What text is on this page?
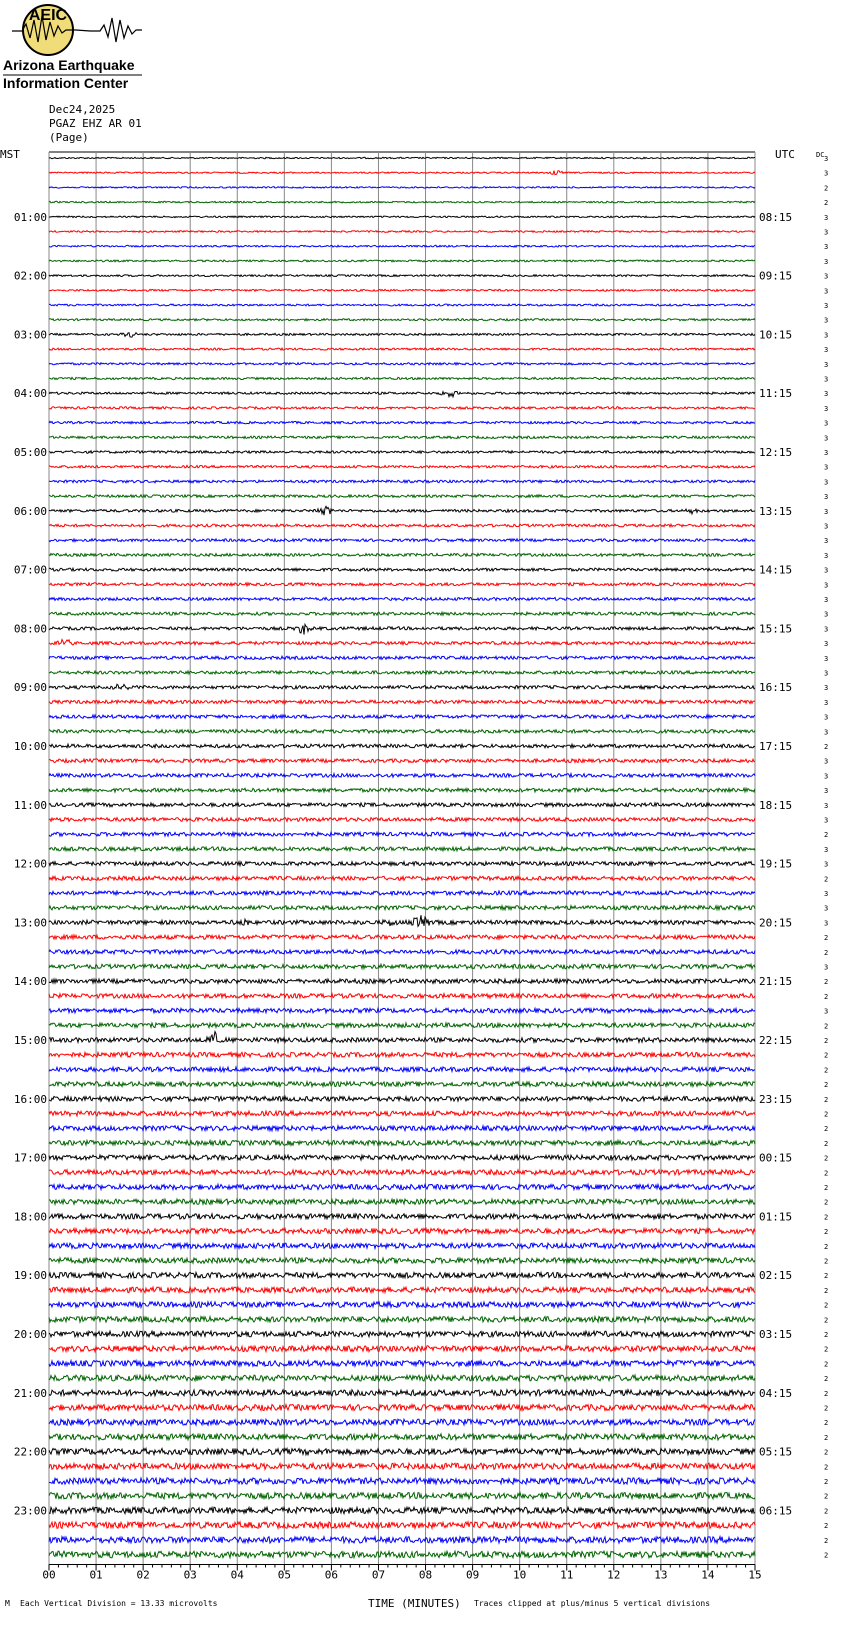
AEIC
Arizona Earthquake
Information Center
Dec24,2025
PGAZ EHZ AR 01
(Page)
MST	UTC	DC
00	01	02	03	04	05	06	07	08	09	10	11	12	13	14	15
3
3
2
2
3
3
3
3
3
3
3
3
3
3
3
3
3
3
3
3
3
3
3
3
3
3
3
3
3
3
3
3
3
3
3
3
3
3
3
3
2
3
3
3
3
3
2
3
3
2
3
3
3
2
2
3
2
2
3
2
2
2
2
2
2
2
2
2
2
2
2
2
2
2
2
2
2
2
2
2
2
2
2
2
2
2
2
2
2
2
2
2
2
2
2
2
01:00	08:15
02:00	09:15
03:00	10:15
04:00	11:15
05:00	12:15
06:00	13:15
07:00	14:15
08:00	15:15
09:00	16:15
10:00	17:15
11:00	18:15
12:00	19:15
13:00	20:15
14:00	21:15
15:00	22:15
16:00	23:15
17:00	00:15
18:00	01:15
19:00	02:15
20:00	03:15
21:00	04:15
22:00	05:15
23:00	06:15
M Each Vertical Division = 13.33 microvolts	TIME (MINUTES) Traces clipped at plus/minus 5 vertical divisions
